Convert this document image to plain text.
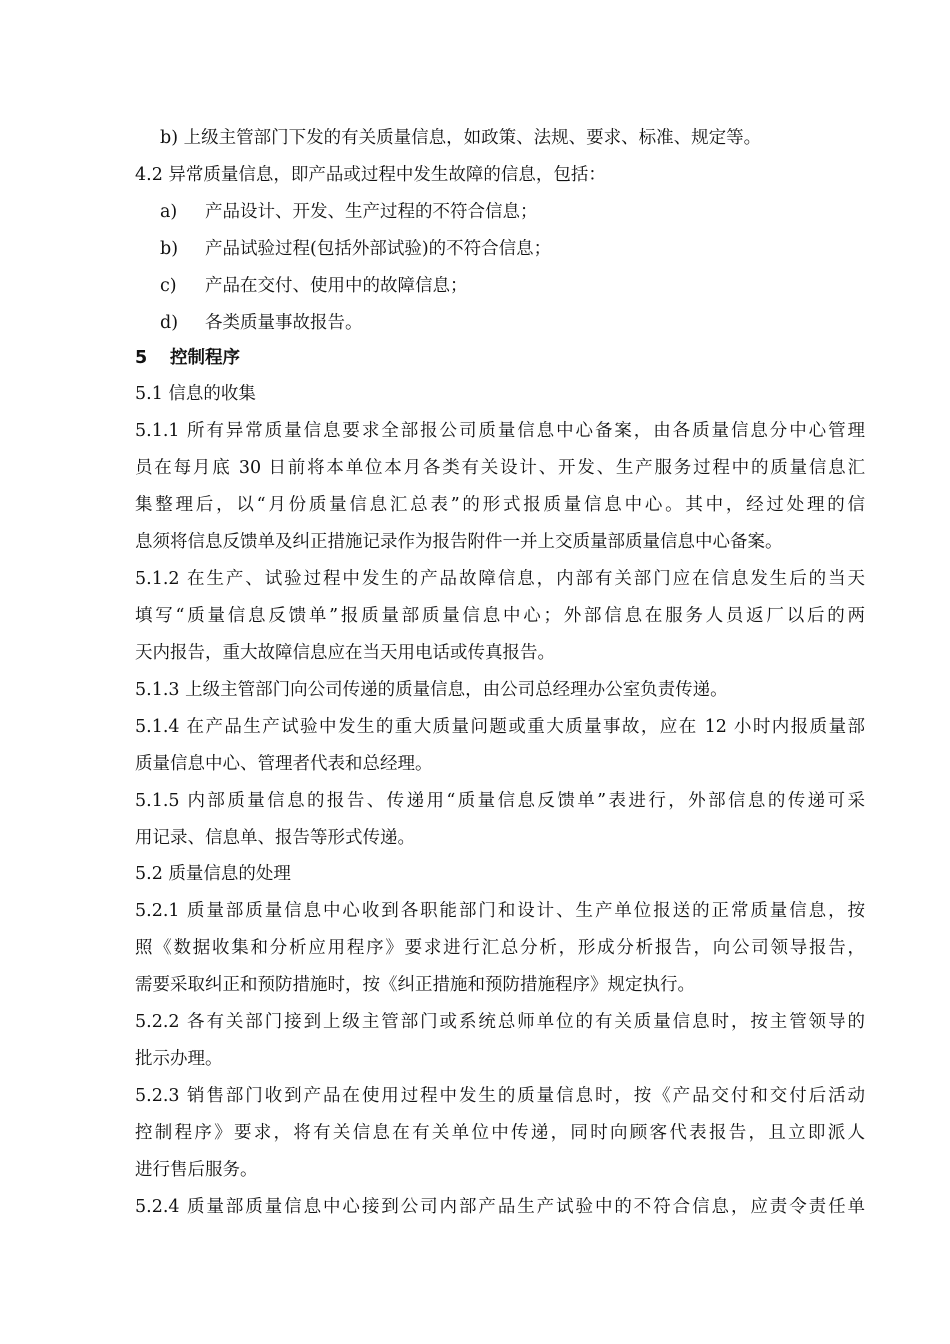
b) 上级主管部门下发的有关质量信息，如政策、法规、要求、标准、规定等。
4.2 异常质量信息，即产品或过程中发生故障的信息，包括：
a) 产品设计、开发、生产过程的不符合信息；
b) 产品试验过程(包括外部试验)的不符合信息；
c) 产品在交付、使用中的故障信息；
d) 各类质量事故报告。
5 控制程序
5.1 信息的收集
5.1.1 所有异常质量信息要求全部报公司质量信息中心备案，由各质量信息分中心管理
员在每月底 30 日前将本单位本月各类有关设计、开发、生产服务过程中的质量信息汇
集整理后，以“月份质量信息汇总表”的形式报质量信息中心。其中，经过处理的信
息须将信息反馈单及纠正措施记录作为报告附件一并上交质量部质量信息中心备案。
5.1.2 在生产、试验过程中发生的产品故障信息，内部有关部门应在信息发生后的当天
填写“质量信息反馈单”报质量部质量信息中心；外部信息在服务人员返厂以后的两
天内报告，重大故障信息应在当天用电话或传真报告。
5.1.3 上级主管部门向公司传递的质量信息，由公司总经理办公室负责传递。
5.1.4 在产品生产试验中发生的重大质量问题或重大质量事故，应在 12 小时内报质量部
质量信息中心、管理者代表和总经理。
5.1.5 内部质量信息的报告、传递用“质量信息反馈单”表进行，外部信息的传递可采
用记录、信息单、报告等形式传递。
5.2 质量信息的处理
5.2.1 质量部质量信息中心收到各职能部门和设计、生产单位报送的正常质量信息，按
照《数据收集和分析应用程序》要求进行汇总分析，形成分析报告，向公司领导报告，
需要采取纠正和预防措施时，按《纠正措施和预防措施程序》规定执行。
5.2.2 各有关部门接到上级主管部门或系统总师单位的有关质量信息时，按主管领导的
批示办理。
5.2.3 销售部门收到产品在使用过程中发生的质量信息时，按《产品交付和交付后活动
控制程序》要求，将有关信息在有关单位中传递，同时向顾客代表报告，且立即派人
进行售后服务。
5.2.4 质量部质量信息中心接到公司内部产品生产试验中的不符合信息，应责令责任单
